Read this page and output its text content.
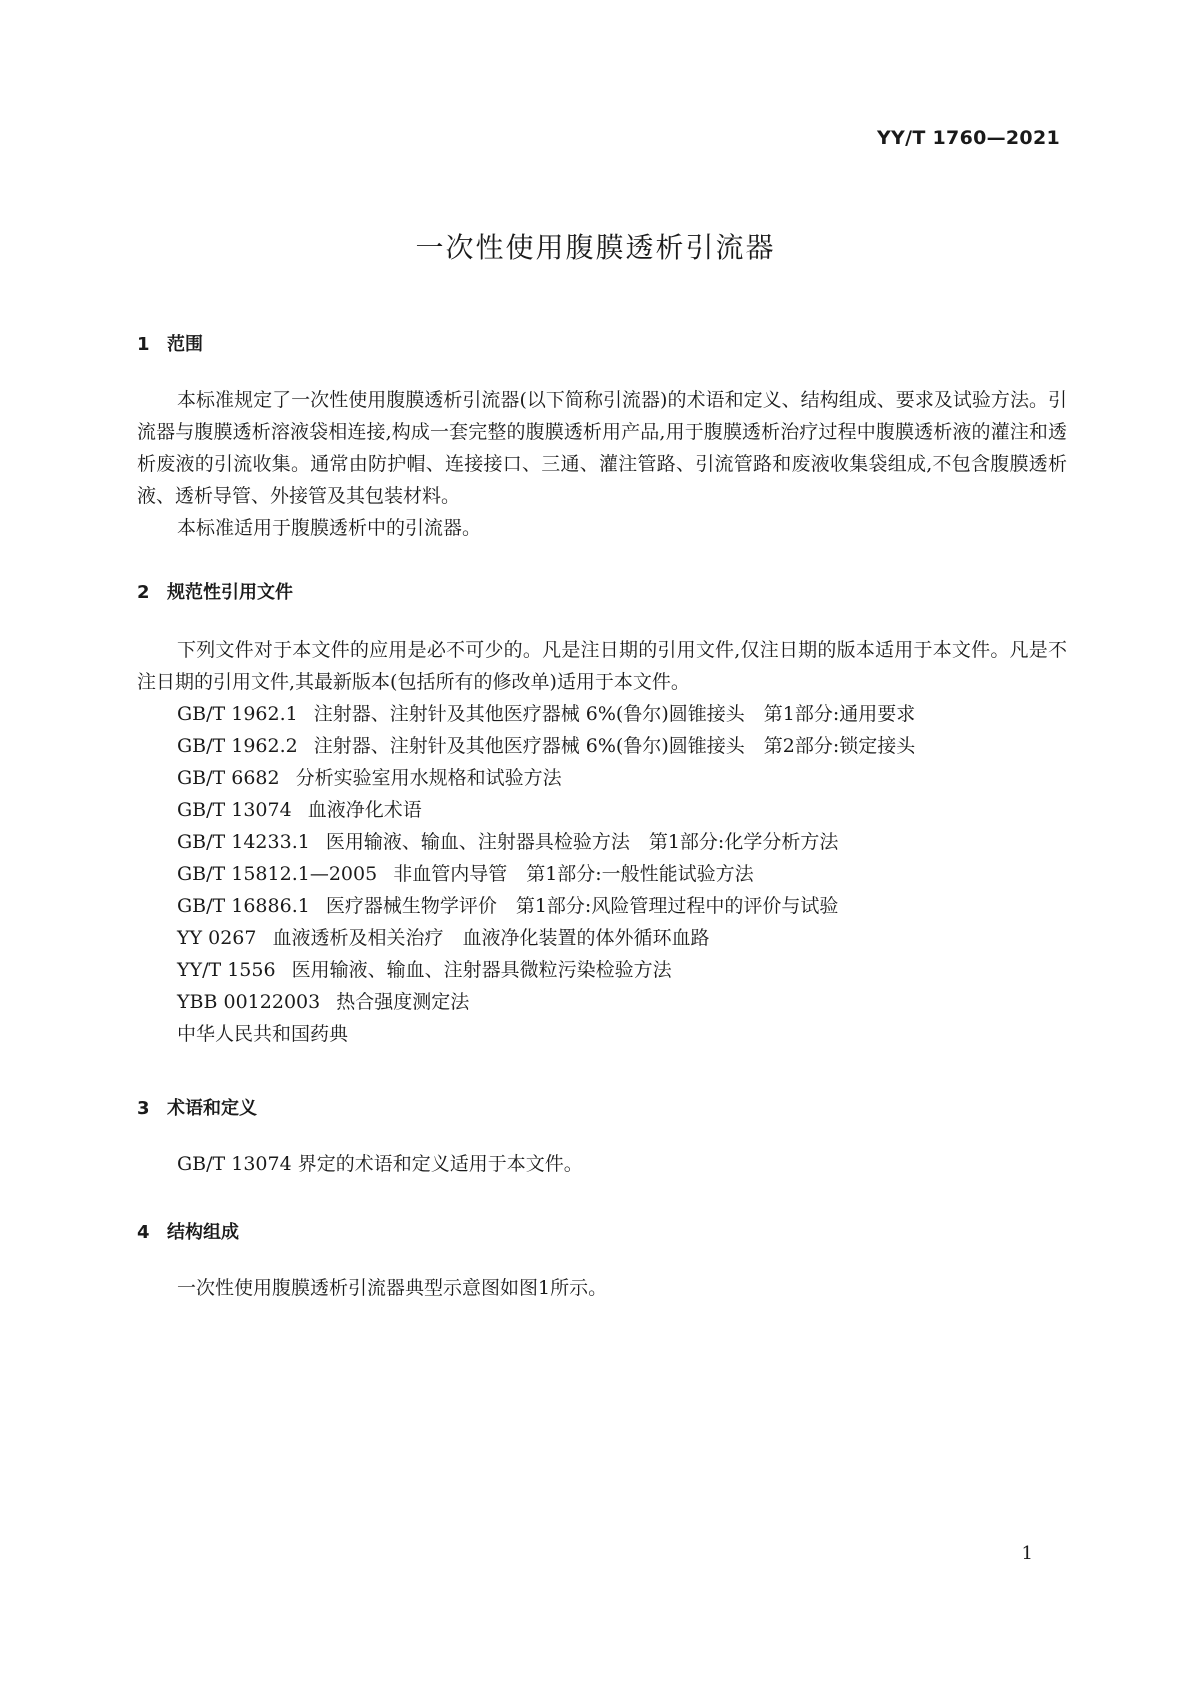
YY/T 1760—2021
一次性使用腹膜透析引流器
1 范围

本标准规定了一次性使用腹膜透析引流器(以下简称引流器)的术语和定义、结构组成、要求及试验方法。引流器与腹膜透析溶液袋相连接,构成一套完整的腹膜透析用产品,用于腹膜透析治疗过程中腹膜透析液的灌注和透析废液的引流收集。通常由防护帽、连接接口、三通、灌注管路、引流管路和废液收集袋组成,不包含腹膜透析液、透析导管、外接管及其包装材料。

本标准适用于腹膜透析中的引流器。

2 规范性引用文件

下列文件对于本文件的应用是必不可少的。凡是注日期的引用文件,仅注日期的版本适用于本文件。凡是不注日期的引用文件,其最新版本(包括所有的修改单)适用于本文件。

GB/T 1962.1 注射器、注射针及其他医疗器械 6%(鲁尔)圆锥接头　第1部分:通用要求
GB/T 1962.2 注射器、注射针及其他医疗器械 6%(鲁尔)圆锥接头　第2部分:锁定接头
GB/T 6682 分析实验室用水规格和试验方法
GB/T 13074 血液净化术语
GB/T 14233.1 医用输液、输血、注射器具检验方法　第1部分:化学分析方法
GB/T 15812.1—2005 非血管内导管　第1部分:一般性能试验方法
GB/T 16886.1 医疗器械生物学评价　第1部分:风险管理过程中的评价与试验
YY 0267 血液透析及相关治疗　血液净化装置的体外循环血路
YY/T 1556 医用输液、输血、注射器具微粒污染检验方法
YBB 00122003 热合强度测定法
中华人民共和国药典
3 术语和定义

GB/T 13074 界定的术语和定义适用于本文件。

4 结构组成

一次性使用腹膜透析引流器典型示意图如图1所示。

1
